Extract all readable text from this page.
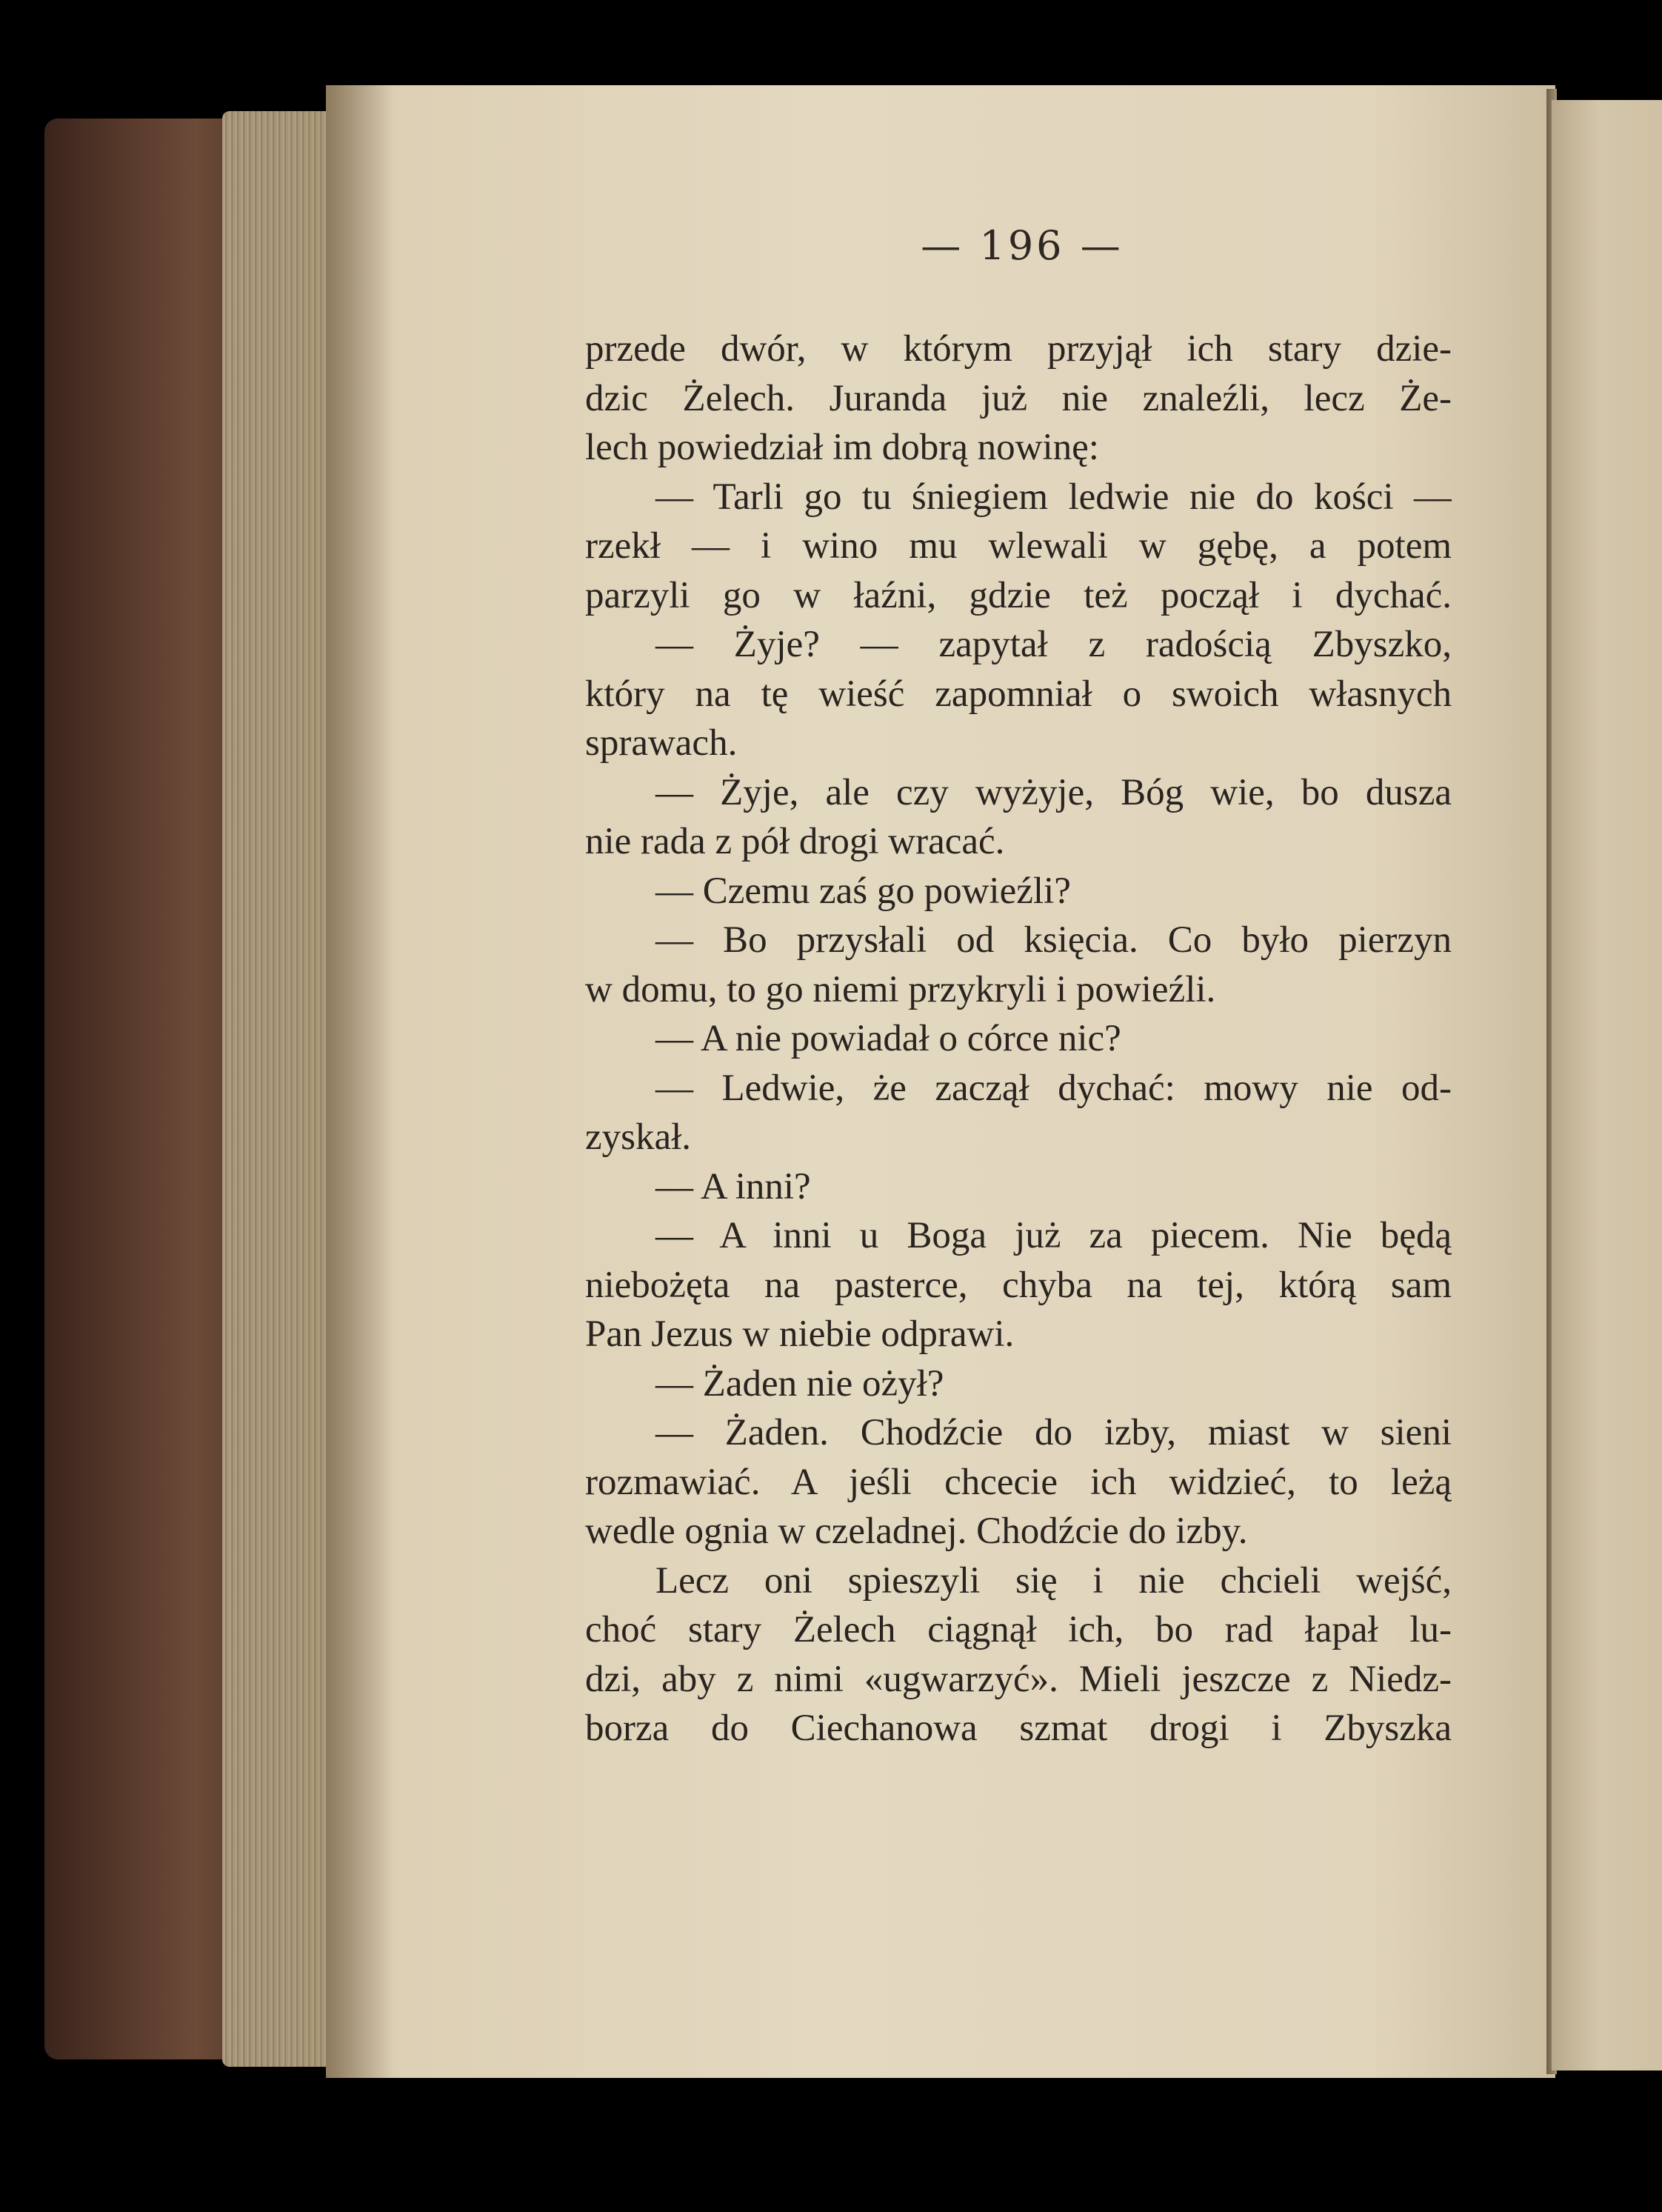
— 196 —
przede dwór, w którym przyjął ich stary dzie-
dzic Żelech. Juranda już nie znaleźli, lecz Że-
lech powiedział im dobrą nowinę:
— Tarli go tu śniegiem ledwie nie do kości —
rzekł — i wino mu wlewali w gębę, a potem
parzyli go w łaźni, gdzie też począł i dychać.
— Żyje? — zapytał z radością Zbyszko,
który na tę wieść zapomniał o swoich własnych
sprawach.
— Żyje, ale czy wyżyje, Bóg wie, bo dusza
nie rada z pół drogi wracać.
— Czemu zaś go powieźli?
— Bo przysłali od księcia. Co było pierzyn
w domu, to go niemi przykryli i powieźli.
— A nie powiadał o córce nic?
— Ledwie, że zaczął dychać: mowy nie od-
zyskał.
— A inni?
— A inni u Boga już za piecem. Nie będą
niebożęta na pasterce, chyba na tej, którą sam
Pan Jezus w niebie odprawi.
— Żaden nie ożył?
— Żaden. Chodźcie do izby, miast w sieni
rozmawiać. A jeśli chcecie ich widzieć, to leżą
wedle ognia w czeladnej. Chodźcie do izby.
Lecz oni spieszyli się i nie chcieli wejść,
choć stary Żelech ciągnął ich, bo rad łapał lu-
dzi, aby z nimi «ugwarzyć». Mieli jeszcze z Niedz-
borza do Ciechanowa szmat drogi i Zbyszka
